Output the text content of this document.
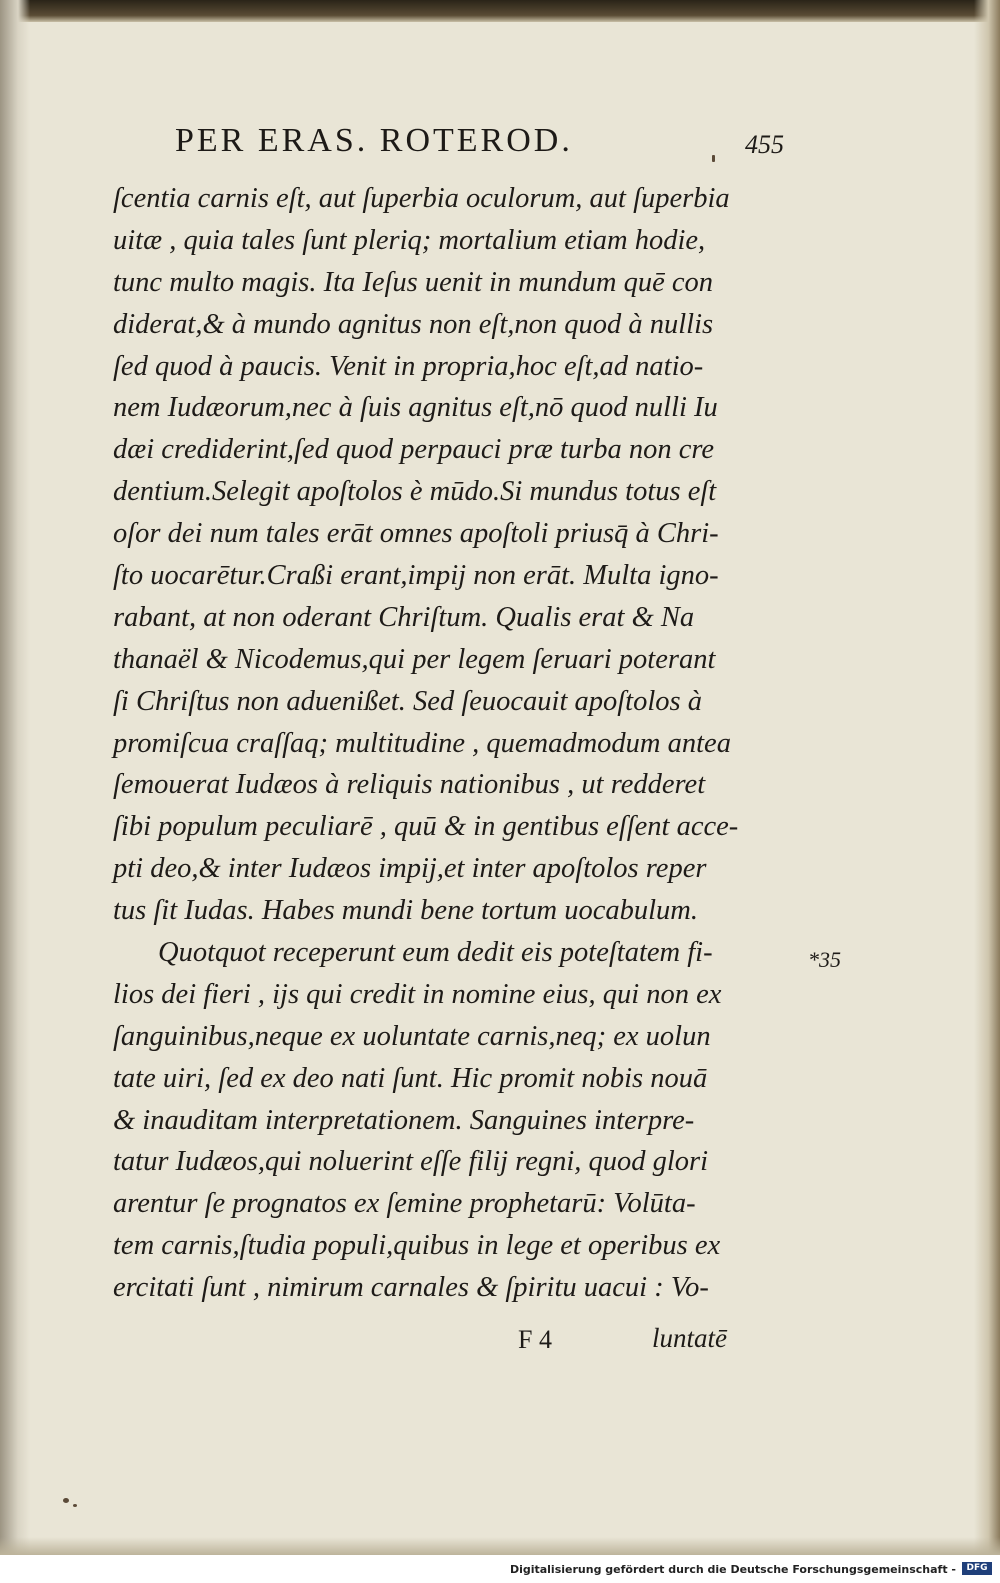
PER ERAS. ROTEROD.	455
ſcentia carnis eſt, aut ſuperbia oculorum, aut ſuperbia
uitæ , quia tales ſunt pleriq; mortalium etiam hodie,
tunc multo magis. Ita Ieſus uenit in mundum quē con
diderat,& à mundo agnitus non eſt,non quod à nullis
ſed quod à paucis. Venit in propria,hoc eſt,ad natio-
nem Iudæorum,nec à ſuis agnitus eſt,nō quod nulli Iu
dæi crediderint,ſed quod perpauci præ turba non cre
dentium.Selegit apoſtolos è mūdo.Si mundus totus eſt
oſor dei num tales erāt omnes apoſtoli priusq̄ à Chri-
ſto uocarētur.Craßi erant,impij non erāt. Multa igno-
rabant, at non oderant Chriſtum. Qualis erat & Na
thanaël & Nicodemus,qui per legem ſeruari poterant
ſi Chriſtus non aduenißet. Sed ſeuocauit apoſtolos à
promiſcua craſſaq; multitudine , quemadmodum antea
ſemouerat Iudæos à reliquis nationibus , ut redderet
ſibi populum peculiarē , quū & in gentibus eſſent acce-
pti deo,& inter Iudæos impij,et inter apoſtolos reper
tus ſit Iudas. Habes mundi bene tortum uocabulum.
Quotquot receperunt eum dedit eis poteſtatem fi-
lios dei fieri , ijs qui credit in nomine eius, qui non ex
ſanguinibus,neque ex uoluntate carnis,neq; ex uolun
tate uiri, ſed ex deo nati ſunt. Hic promit nobis nouā
& inauditam interpretationem. Sanguines interpre-
tatur Iudæos,qui noluerint eſſe filij regni, quod glori
arentur ſe prognatos ex ſemine prophetarū: Volūta-
tem carnis,ſtudia populi,quibus in lege et operibus ex
ercitati ſunt , nimirum carnales & ſpiritu uacui : Vo-
*35
F 4	luntatē
Digitalisierung gefördert durch die Deutsche Forschungsgemeinschaft -	DFG
